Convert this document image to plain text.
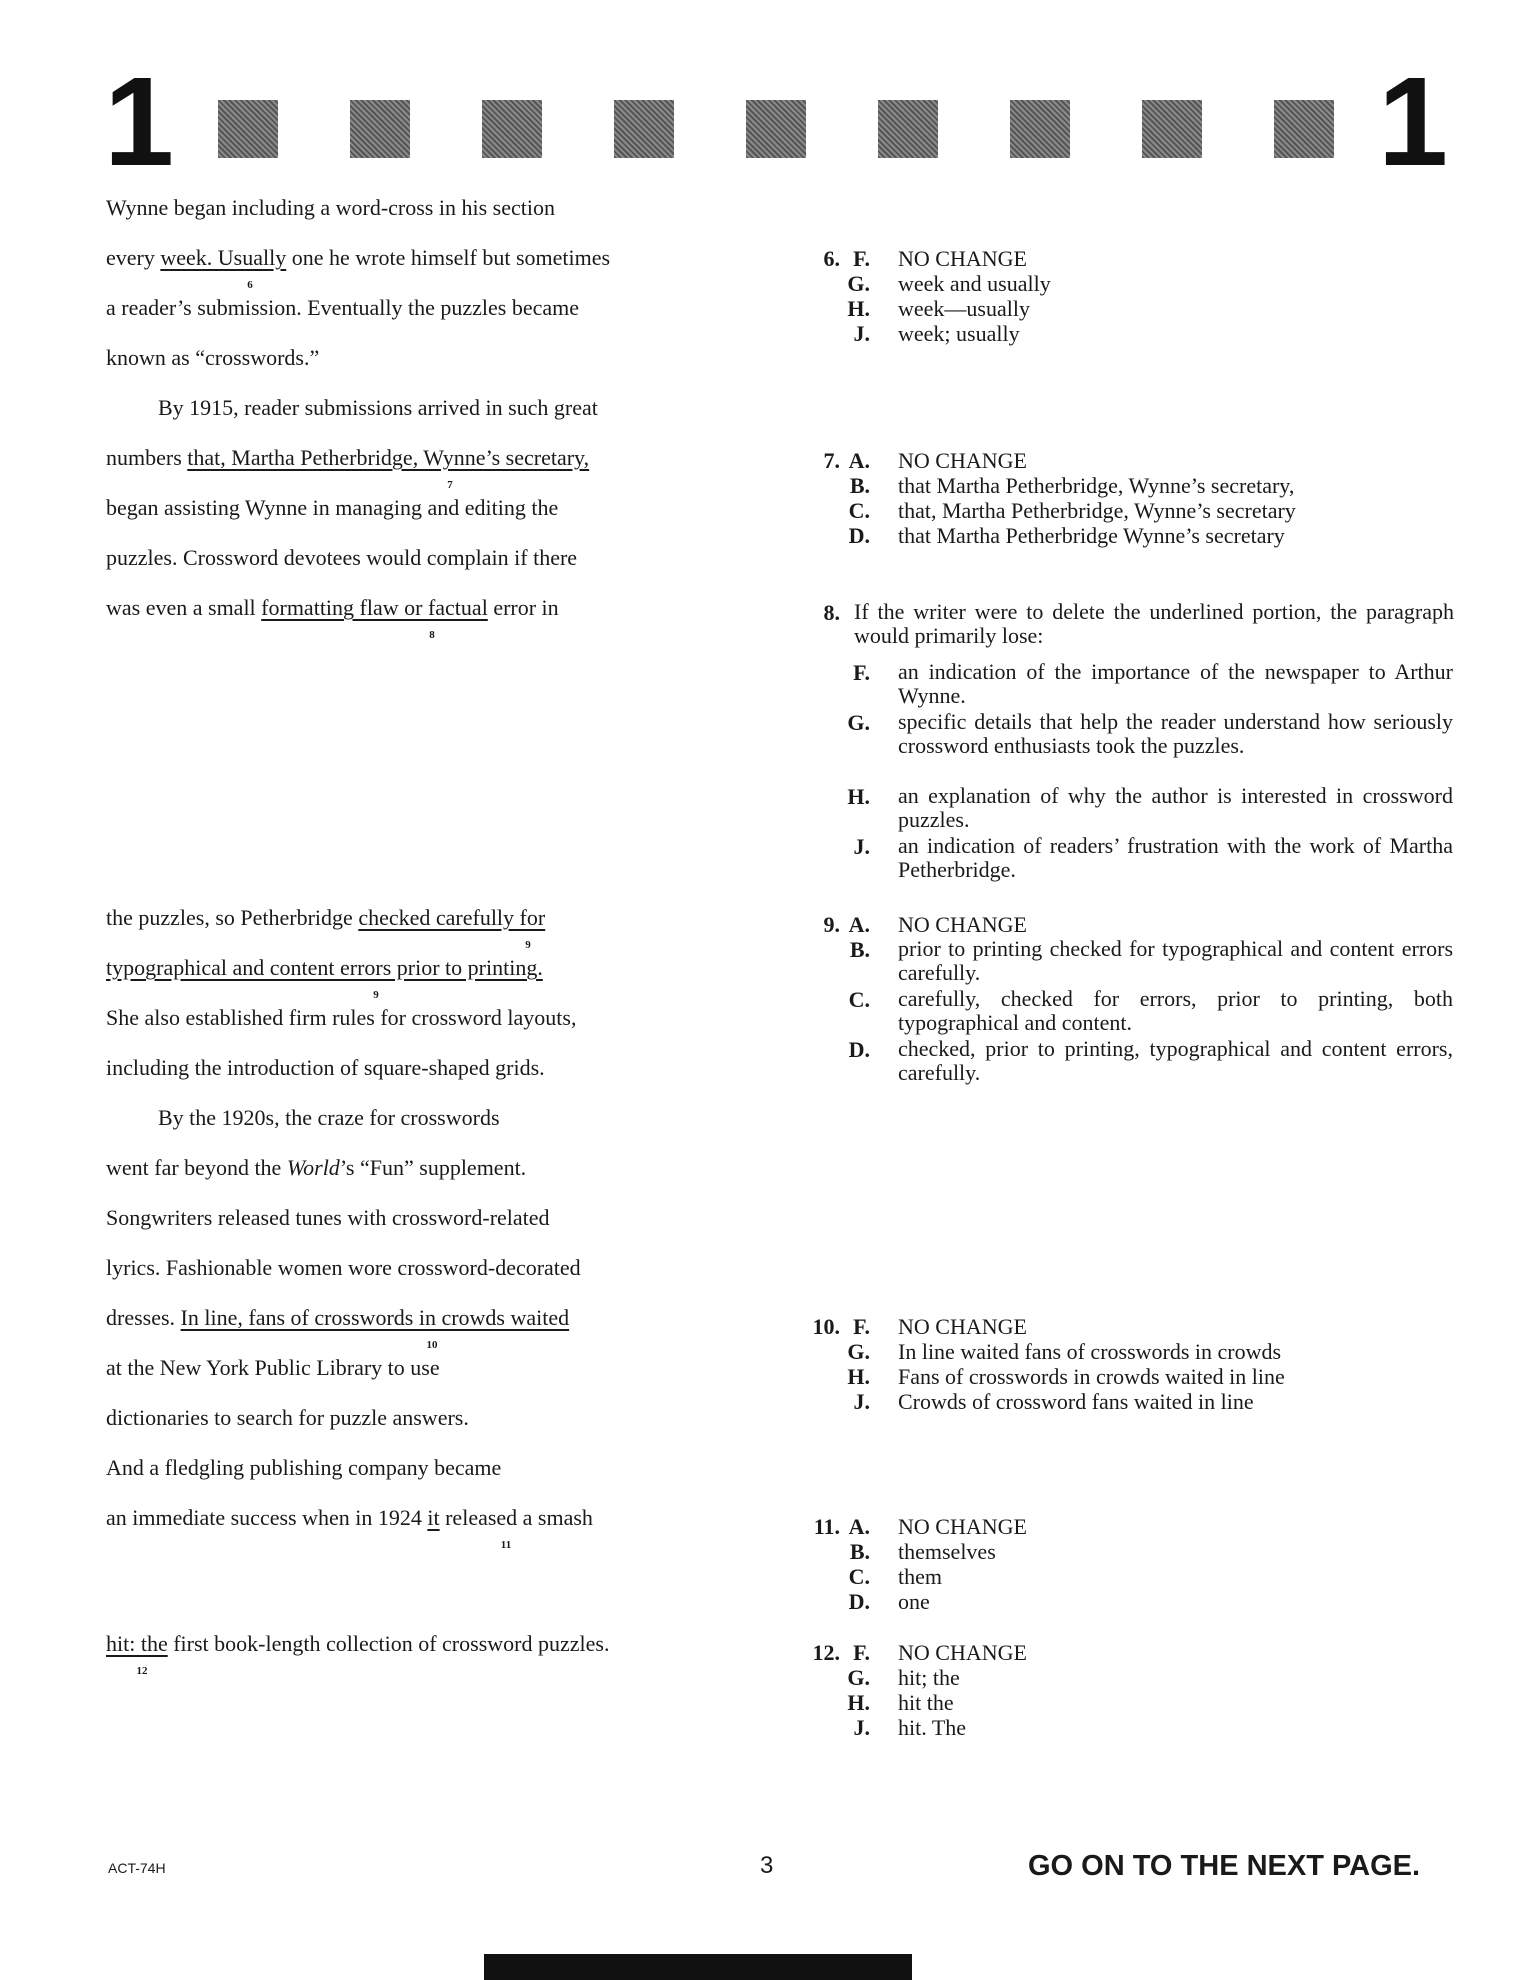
1	1
Wynne began including a word-cross in his section
every week. Usually one he wrote himself but sometimes
6
a reader’s submission. Eventually the puzzles became
known as “crosswords.”
By 1915, reader submissions arrived in such great
numbers that, Martha Petherbridge, Wynne’s secretary,
7
began assisting Wynne in managing and editing the
puzzles. Crossword devotees would complain if there
was even a small formatting flaw or factual error in
8
the puzzles, so Petherbridge checked carefully for
9
typographical and content errors prior to printing.
9
She also established firm rules for crossword layouts,
including the introduction of square-shaped grids.
By the 1920s, the craze for crosswords
went far beyond the World’s “Fun” supplement.
Songwriters released tunes with crossword-related
lyrics. Fashionable women wore crossword-decorated
dresses. In line, fans of crosswords in crowds waited
10
at the New York Public Library to use
dictionaries to search for puzzle answers.
And a fledgling publishing company became
an immediate success when in 1924 it released a smash
11
hit: the first book-length collection of crossword puzzles.
12
6. F. NO CHANGE
G. week and usually
H. week—usually
J. week; usually
7. A. NO CHANGE
B. that Martha Petherbridge, Wynne’s secretary,
C. that, Martha Petherbridge, Wynne’s secretary
D. that Martha Petherbridge Wynne’s secretary
8. If the writer were to delete the underlined portion, the paragraph would primarily lose:
F. an indication of the importance of the newspaper to Arthur Wynne.
G. specific details that help the reader understand how seriously crossword enthusiasts took the puzzles.
H. an explanation of why the author is interested in crossword puzzles.
J. an indication of readers’ frustration with the work of Martha Petherbridge.
9. A. NO CHANGE
B. prior to printing checked for typographical and content errors carefully.
C. carefully, checked for errors, prior to printing, both typographical and content.
D. checked, prior to printing, typographical and content errors, carefully.
10. F. NO CHANGE
G. In line waited fans of crosswords in crowds
H. Fans of crosswords in crowds waited in line
J. Crowds of crossword fans waited in line
11. A. NO CHANGE
B. themselves
C. them
D. one
12. F. NO CHANGE
G. hit; the
H. hit the
J. hit. The
ACT-74H	3	GO ON TO THE NEXT PAGE.
